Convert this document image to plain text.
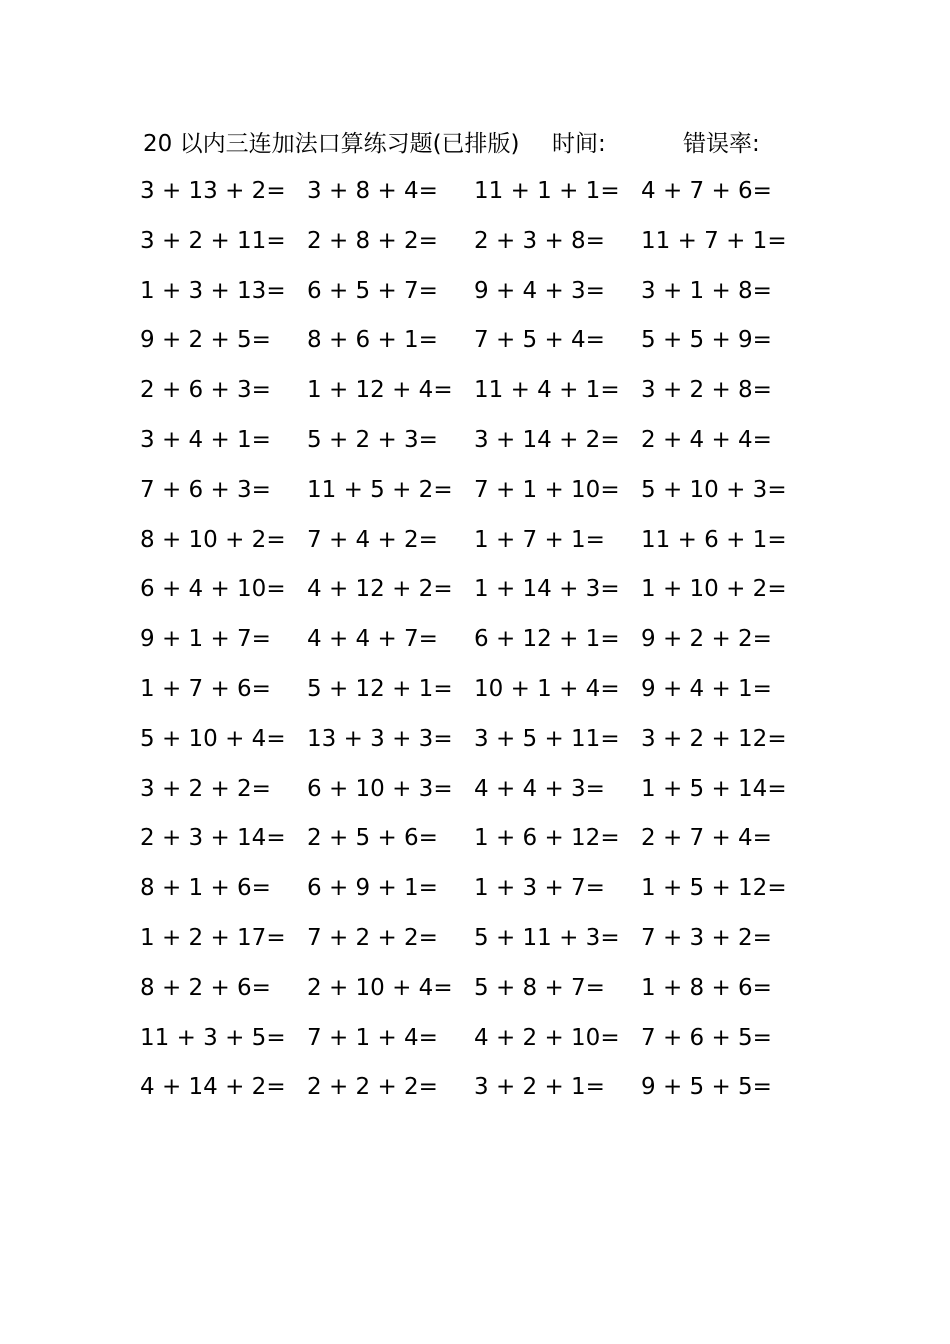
20 以内三连加法口算练习题(已排版) 时间:	错误率:
3 + 13 + 2= 3 + 8 + 4= 11 + 1 + 1= 4 + 7 + 6=
3 + 2 + 11= 2 + 8 + 2= 2 + 3 + 8= 11 + 7 + 1=
1 + 3 + 13= 6 + 5 + 7= 9 + 4 + 3= 3 + 1 + 8=
9 + 2 + 5= 8 + 6 + 1= 7 + 5 + 4= 5 + 5 + 9=
2 + 6 + 3= 1 + 12 + 4= 11 + 4 + 1= 3 + 2 + 8=
3 + 4 + 1= 5 + 2 + 3= 3 + 14 + 2= 2 + 4 + 4=
7 + 6 + 3= 11 + 5 + 2= 7 + 1 + 10= 5 + 10 + 3=
8 + 10 + 2= 7 + 4 + 2= 1 + 7 + 1= 11 + 6 + 1=
6 + 4 + 10= 4 + 12 + 2= 1 + 14 + 3= 1 + 10 + 2=
9 + 1 + 7= 4 + 4 + 7= 6 + 12 + 1= 9 + 2 + 2=
1 + 7 + 6= 5 + 12 + 1= 10 + 1 + 4= 9 + 4 + 1=
5 + 10 + 4= 13 + 3 + 3= 3 + 5 + 11= 3 + 2 + 12=
3 + 2 + 2= 6 + 10 + 3= 4 + 4 + 3= 1 + 5 + 14=
2 + 3 + 14= 2 + 5 + 6= 1 + 6 + 12= 2 + 7 + 4=
8 + 1 + 6= 6 + 9 + 1= 1 + 3 + 7= 1 + 5 + 12=
1 + 2 + 17= 7 + 2 + 2= 5 + 11 + 3= 7 + 3 + 2=
8 + 2 + 6= 2 + 10 + 4= 5 + 8 + 7= 1 + 8 + 6=
11 + 3 + 5= 7 + 1 + 4= 4 + 2 + 10= 7 + 6 + 5=
4 + 14 + 2= 2 + 2 + 2= 3 + 2 + 1= 9 + 5 + 5=
